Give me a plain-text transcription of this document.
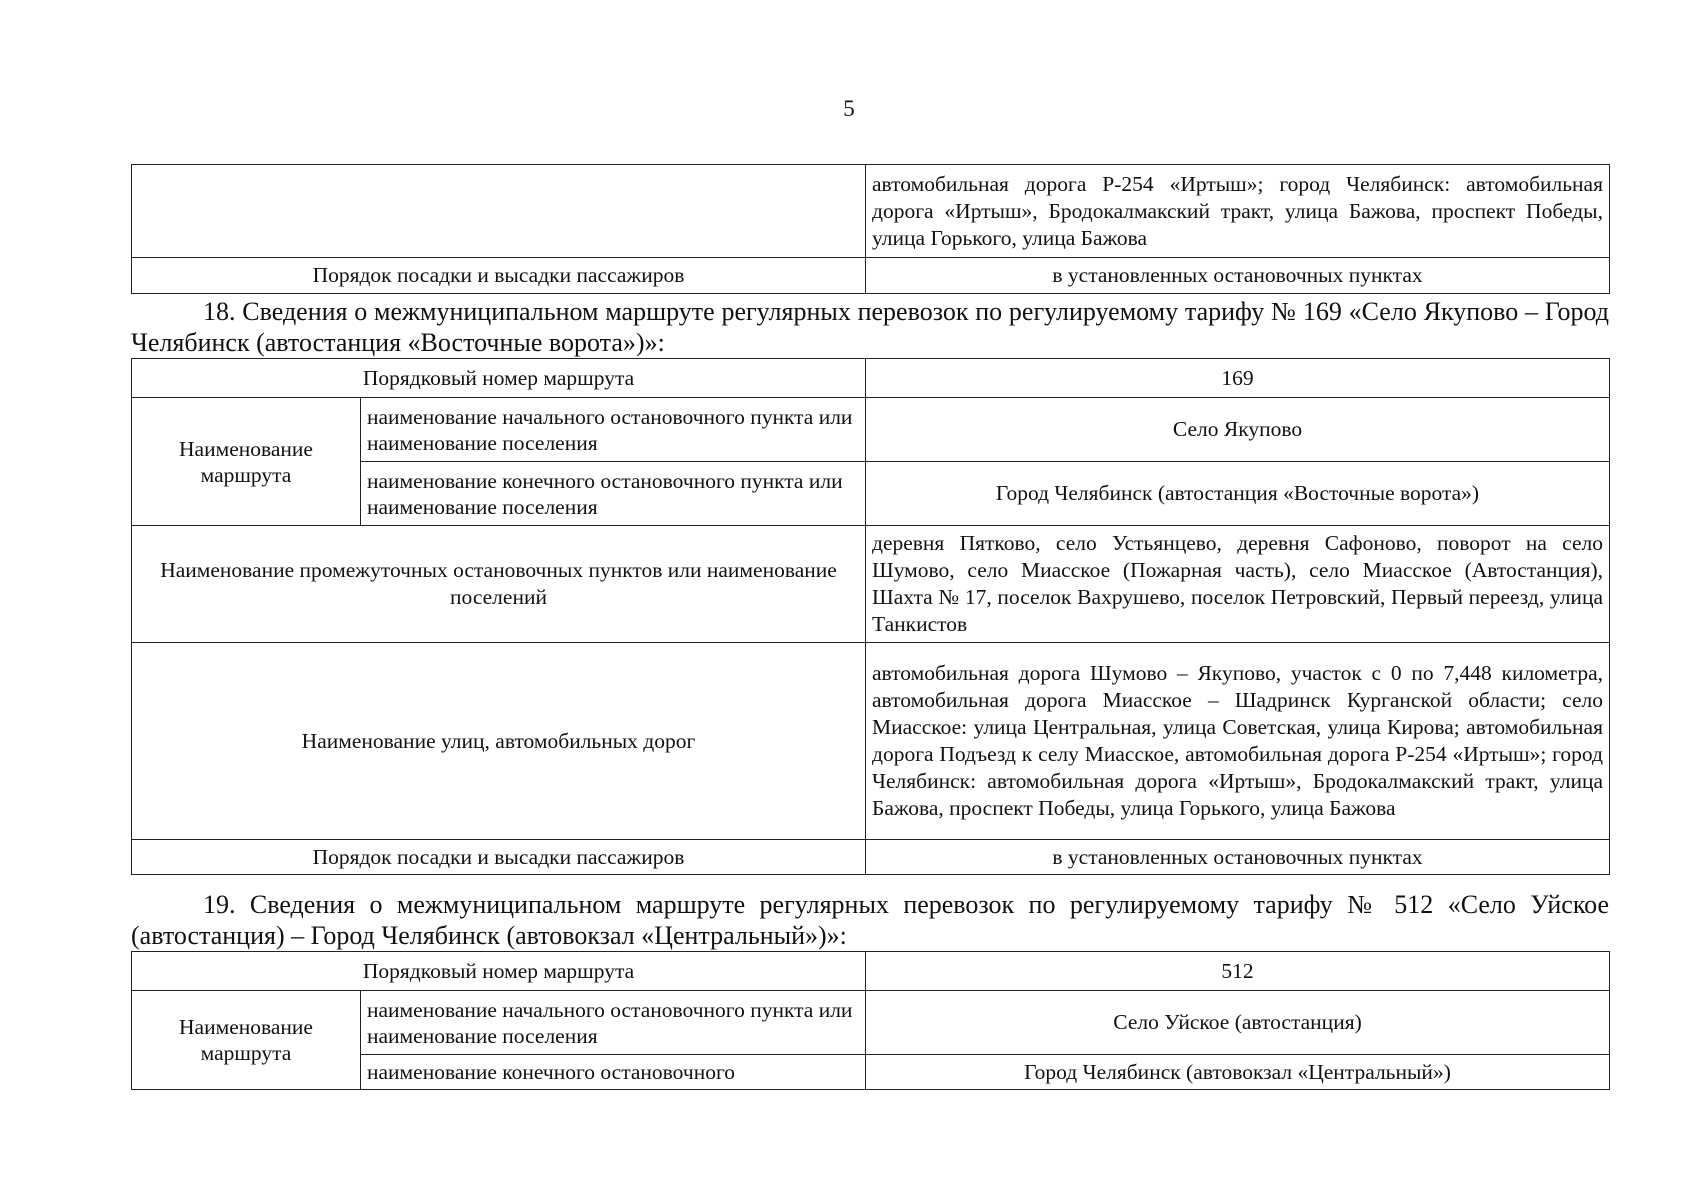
5
	автомобильная дорога Р-254 «Иртыш»; город Челябинск: автомобильная дорога «Иртыш», Бродокалмакский тракт, улица Бажова, проспект Победы, улица Горького, улица Бажова
Порядок посадки и высадки пассажиров	в установленных остановочных пунктах

18. Сведения о межмуниципальном маршруте регулярных перевозок по регулируемому тарифу № 169 «Село Якупово – Город Челябинск (автостанция «Восточные ворота»)»:

Порядковый номер маршрута		169
Наименование маршрута	наименование начального остановочного пункта или наименование поселения	Село Якупово
	наименование конечного остановочного пункта или наименование поселения	Город Челябинск (автостанция «Восточные ворота»)
Наименование промежуточных остановочных пунктов или наименование поселений		деревня Пятково, село Устьянцево, деревня Сафоново, поворот на село Шумово, село Миасское (Пожарная часть), село Миасское (Автостанция), Шахта № 17, поселок Вахрушево, поселок Петровский, Первый переезд, улица Танкистов
Наименование улиц, автомобильных дорог		автомобильная дорога Шумово – Якупово, участок с 0 по 7,448 километра, автомобильная дорога Миасское – Шадринск Курганской области; село Миасское: улица Центральная, улица Советская, улица Кирова; автомобильная дорога Подъезд к селу Миасское, автомобильная дорога Р-254 «Иртыш»; город Челябинск: автомобильная дорога «Иртыш», Бродокалмакский тракт, улица Бажова, проспект Победы, улица Горького, улица Бажова
Порядок посадки и высадки пассажиров		в установленных остановочных пунктах

19. Сведения о межмуниципальном маршруте регулярных перевозок по регулируемому тарифу № 512 «Село Уйское (автостанция) – Город Челябинск (автовокзал «Центральный»)»:

Порядковый номер маршрута		512
Наименование маршрута	наименование начального остановочного пункта или наименование поселения	Село Уйское (автостанция)
	наименование конечного остановочного	Город Челябинск (автовокзал «Центральный»)
